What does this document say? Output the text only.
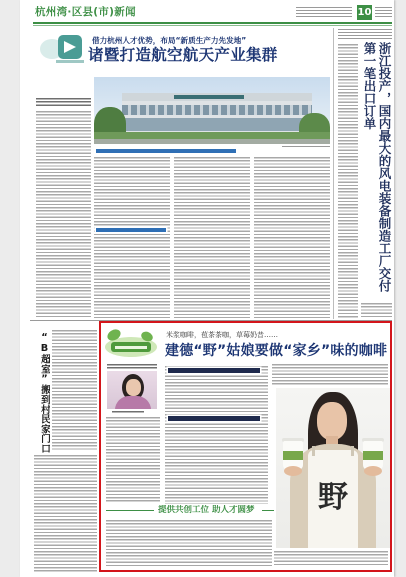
杭州湾·区县(市)新闻	10
借力杭州人才优势，布局“新质生产力先发地”
诸暨打造航空航天产业集群	浙江投产，国内最大的风电装备制造工厂交付第一笔出口订单
“B超室”搬到村民家门口	米浆咖啡，苞茶茶咖，草莓奶昔……
建德“野”姑娘要做“家乡”味的咖啡
野
提供共创工位 助人才圆梦
